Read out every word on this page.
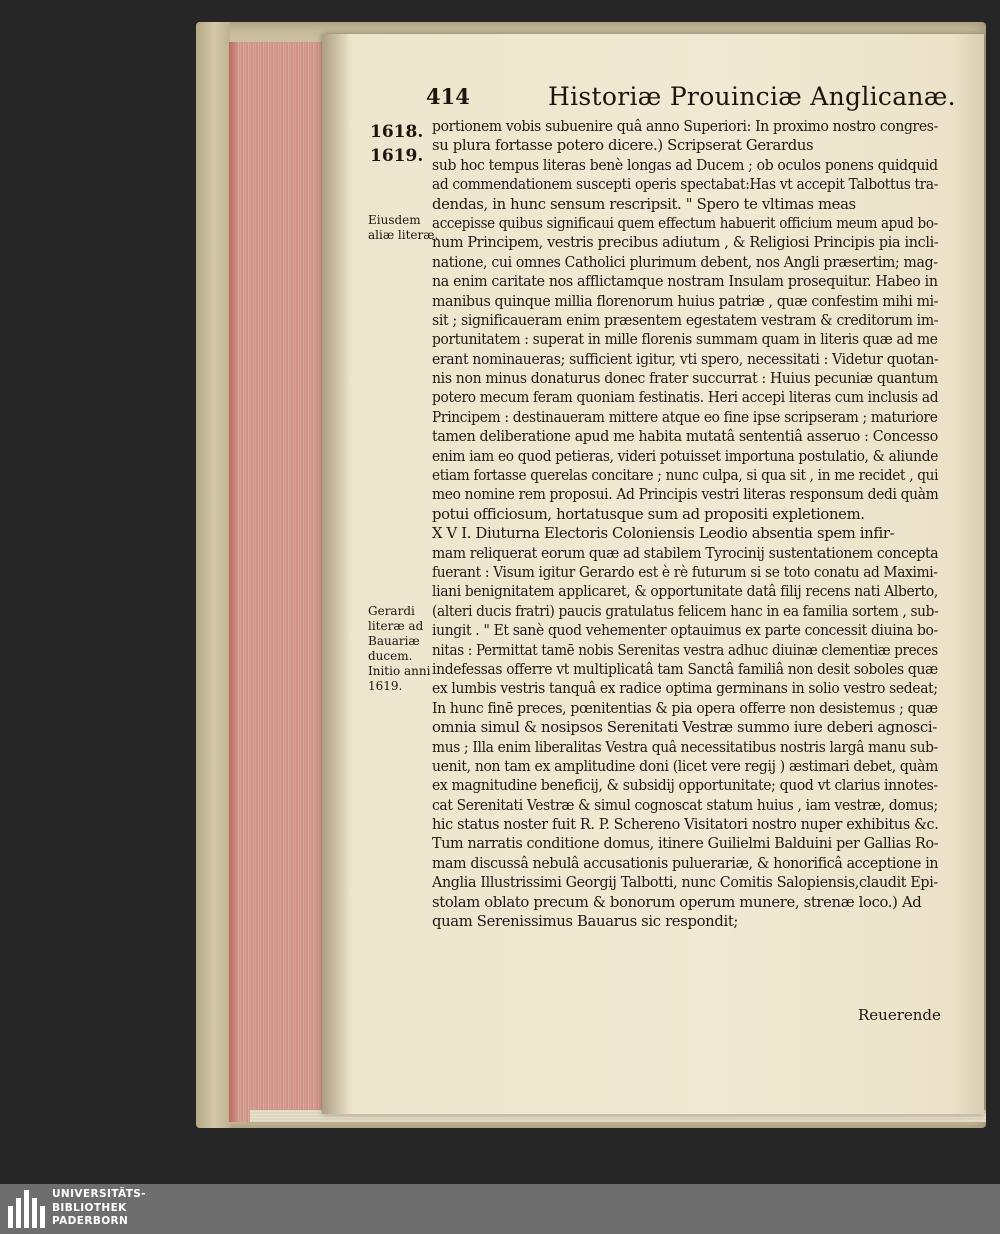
414	Historiæ Prouinciæ Anglicanæ.
1618.
1619.
Eiusdem
aliæ literæ.
Gerardi
literæ ad
Bauariæ
ducem.
Initio anni
1619.
portionem vobis subuenire quâ anno Superiori: In proximo nostro congres-
su plura fortasse potero dicere.) Scripserat Gerardus
sub hoc tempus literas benè longas ad Ducem ; ob oculos ponens quidquid
ad commendationem suscepti operis spectabat:Has vt accepit Talbottus tra-
dendas, in hunc sensum rescripsit. " Spero te vltimas meas
accepisse quibus significaui quem effectum habuerit officium meum apud bo-
num Principem, vestris precibus adiutum , & Religiosi Principis pia incli-
natione, cui omnes Catholici plurimum debent, nos Angli præsertim; mag-
na enim caritate nos afflictamque nostram Insulam prosequitur. Habeo in
manibus quinque millia florenorum huius patriæ , quæ confestim mihi mi-
sit ; significaueram enim præsentem egestatem vestram & creditorum im-
portunitatem : superat in mille florenis summam quam in literis quæ ad me
erant nominaueras; sufficient igitur, vti spero, necessitati : Videtur quotan-
nis non minus donaturus donec frater succurrat : Huius pecuniæ quantum
potero mecum feram quoniam festinatis. Heri accepi literas cum inclusis ad
Principem : destinaueram mittere atque eo fine ipse scripseram ; maturiore
tamen deliberatione apud me habita mutatâ sententiâ asseruo : Concesso
enim iam eo quod petieras, videri potuisset importuna postulatio, & aliunde
etiam fortasse querelas concitare ; nunc culpa, si qua sit , in me recidet , qui
meo nomine rem proposui. Ad Principis vestri literas responsum dedi quàm
potui officiosum, hortatusque sum ad propositi expletionem.
X V I. Diuturna Electoris Coloniensis Leodio absentia spem infir-
mam reliquerat eorum quæ ad stabilem Tyrocinij sustentationem concepta
fuerant : Visum igitur Gerardo est è rè futurum si se toto conatu ad Maximi-
liani benignitatem applicaret, & opportunitate datâ filij recens nati Alberto,
(alteri ducis fratri) paucis gratulatus felicem hanc in ea familia sortem , sub-
iungit . " Et sanè quod vehementer optauimus ex parte concessit diuina bo-
nitas : Permittat tamē nobis Serenitas vestra adhuc diuinæ clementiæ preces
indefessas offerre vt multiplicatâ tam Sanctâ familiâ non desit soboles quæ
ex lumbis vestris tanquâ ex radice optima germinans in solio vestro sedeat;
In hunc finē preces, pœnitentias & pia opera offerre non desistemus ; quæ
omnia simul & nosipsos Serenitati Vestræ summo iure deberi agnosci-
mus ; Illa enim liberalitas Vestra quâ necessitatibus nostris largâ manu sub-
uenit, non tam ex amplitudine doni (licet vere regij ) æstimari debet, quàm
ex magnitudine beneficij, & subsidij opportunitate; quod vt clarius innotes-
cat Serenitati Vestræ & simul cognoscat statum huius , iam vestræ, domus;
hic status noster fuit R. P. Schereno Visitatori nostro nuper exhibitus &c.
Tum narratis conditione domus, itinere Guilielmi Balduini per Gallias Ro-
mam discussâ nebulâ accusationis puluerariæ, & honorificâ acceptione in
Anglia Illustrissimi Georgij Talbotti, nunc Comitis Salopiensis,claudit Epi-
stolam oblato precum & bonorum operum munere, strenæ loco.) Ad
quam Serenissimus Bauarus sic respondit;
Reuerende
UNIVERSITÄTS-
BIBLIOTHEK
PADERBORN
